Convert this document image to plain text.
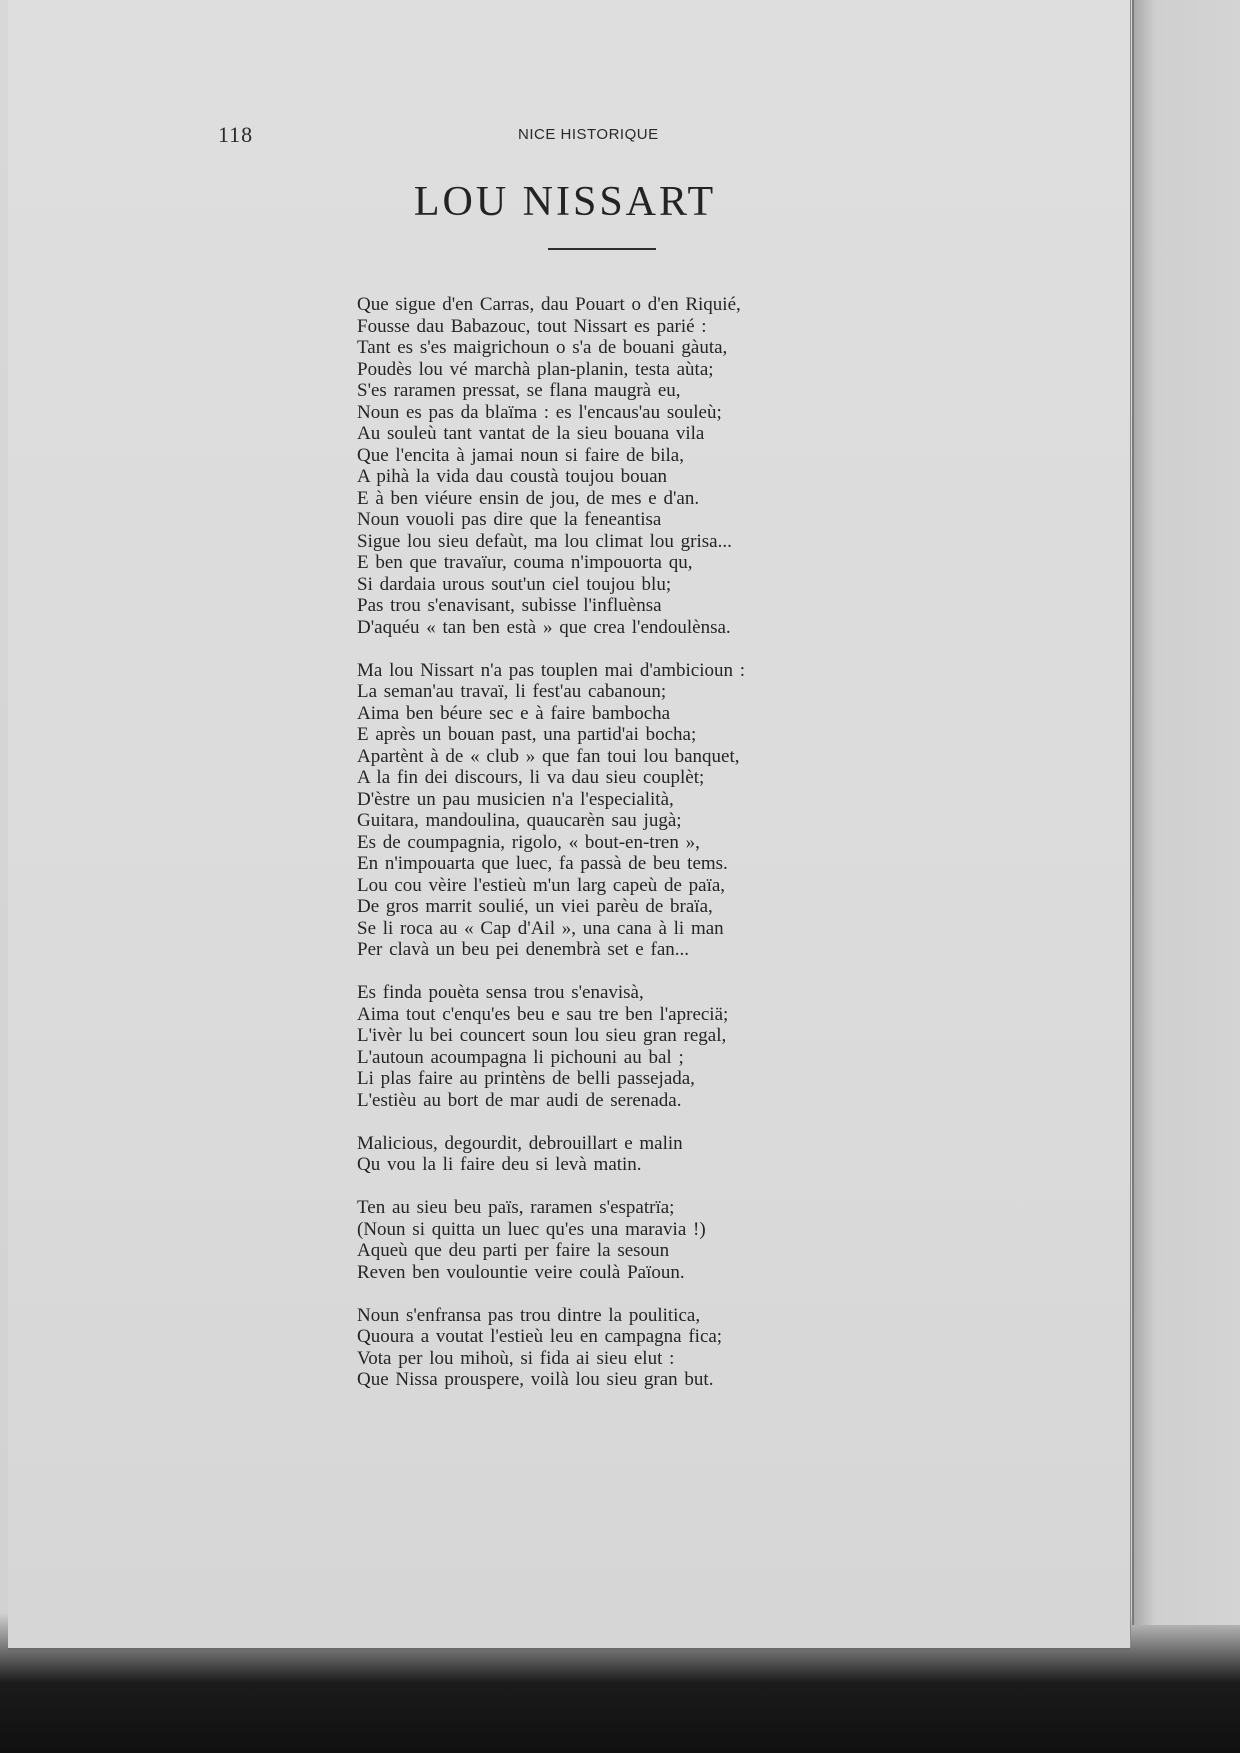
118	NICE HISTORIQUE
LOU NISSART
Que sigue d'en Carras, dau Pouart o d'en Riquié,
Fousse dau Babazouc, tout Nissart es parié :
Tant es s'es maigrichoun o s'a de bouani gàuta,
Poudès lou vé marchà plan-planin, testa aùta;
S'es raramen pressat, se flana maugrà eu,
Noun es pas da blaïma : es l'encaus'au souleù;
Au souleù tant vantat de la sieu bouana vila
Que l'encita à jamai noun si faire de bila,
A pihà la vida dau coustà toujou bouan
E à ben viéure ensin de jou, de mes e d'an.
Noun vouoli pas dire que la feneantisa
Sigue lou sieu defaùt, ma lou climat lou grisa...
E ben que travaïur, couma n'impouorta qu,
Si dardaia urous sout'un ciel toujou blu;
Pas trou s'enavisant, subisse l'influènsa
D'aquéu « tan ben està » que crea l'endoulènsa.
Ma lou Nissart n'a pas touplen mai d'ambicioun :
La seman'au travaï, li fest'au cabanoun;
Aima ben béure sec e à faire bambocha
E après un bouan past, una partid'ai bocha;
Apartènt à de « club » que fan toui lou banquet,
A la fin dei discours, li va dau sieu couplèt;
D'èstre un pau musicien n'a l'especialità,
Guitara, mandoulina, quaucarèn sau jugà;
Es de coumpagnia, rigolo, « bout-en-tren »,
En n'impouarta que luec, fa passà de beu tems.
Lou cou vèire l'estieù m'un larg capeù de païa,
De gros marrit soulié, un viei parèu de braïa,
Se li roca au « Cap d'Ail », una cana à li man
Per clavà un beu pei denembrà set e fan...
Es finda pouèta sensa trou s'enavisà,
Aima tout c'enqu'es beu e sau tre ben l'apreciä;
L'ivèr lu bei councert soun lou sieu gran regal,
L'autoun acoumpagna li pichouni au bal ;
Li plas faire au printèns de belli passejada,
L'estièu au bort de mar audi de serenada.
Malicious, degourdit, debrouillart e malin
Qu vou la li faire deu si levà matin.
Ten au sieu beu païs, raramen s'espatrïa;
(Noun si quitta un luec qu'es una maravia !)
Aqueù que deu parti per faire la sesoun
Reven ben voulountie veire coulà Païoun.
Noun s'enfransa pas trou dintre la poulitica,
Quoura a voutat l'estieù leu en campagna fica;
Vota per lou mihoù, si fida ai sieu elut :
Que Nissa prouspere, voilà lou sieu gran but.
